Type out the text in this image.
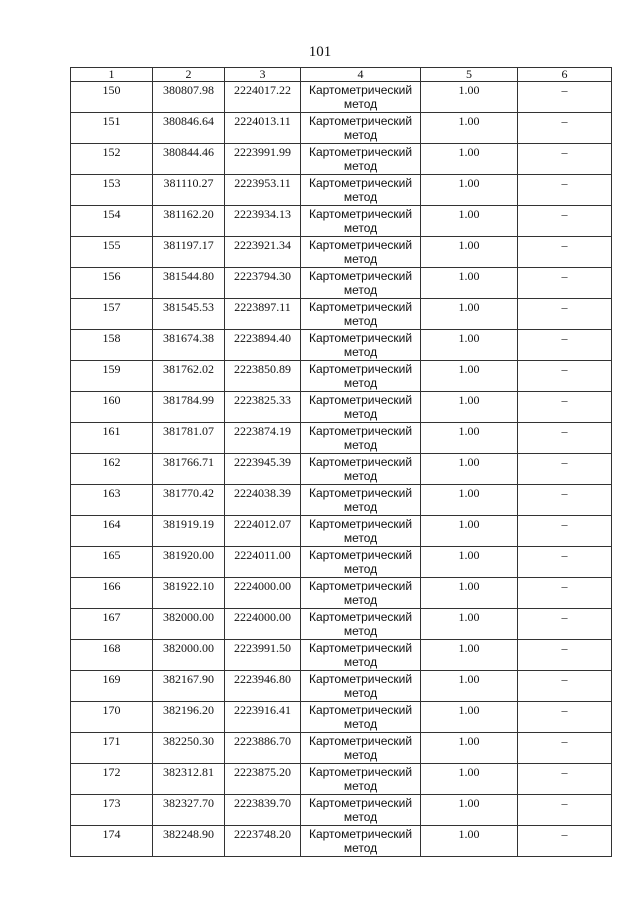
101
1	2	3	4	5	6
150	380807.98	2224017.22	Картометрический метод	1.00	–
151	380846.64	2224013.11	Картометрический метод	1.00	–
152	380844.46	2223991.99	Картометрический метод	1.00	–
153	381110.27	2223953.11	Картометрический метод	1.00	–
154	381162.20	2223934.13	Картометрический метод	1.00	–
155	381197.17	2223921.34	Картометрический метод	1.00	–
156	381544.80	2223794.30	Картометрический метод	1.00	–
157	381545.53	2223897.11	Картометрический метод	1.00	–
158	381674.38	2223894.40	Картометрический метод	1.00	–
159	381762.02	2223850.89	Картометрический метод	1.00	–
160	381784.99	2223825.33	Картометрический метод	1.00	–
161	381781.07	2223874.19	Картометрический метод	1.00	–
162	381766.71	2223945.39	Картометрический метод	1.00	–
163	381770.42	2224038.39	Картометрический метод	1.00	–
164	381919.19	2224012.07	Картометрический метод	1.00	–
165	381920.00	2224011.00	Картометрический метод	1.00	–
166	381922.10	2224000.00	Картометрический метод	1.00	–
167	382000.00	2224000.00	Картометрический метод	1.00	–
168	382000.00	2223991.50	Картометрический метод	1.00	–
169	382167.90	2223946.80	Картометрический метод	1.00	–
170	382196.20	2223916.41	Картометрический метод	1.00	–
171	382250.30	2223886.70	Картометрический метод	1.00	–
172	382312.81	2223875.20	Картометрический метод	1.00	–
173	382327.70	2223839.70	Картометрический метод	1.00	–
174	382248.90	2223748.20	Картометрический метод	1.00	–
